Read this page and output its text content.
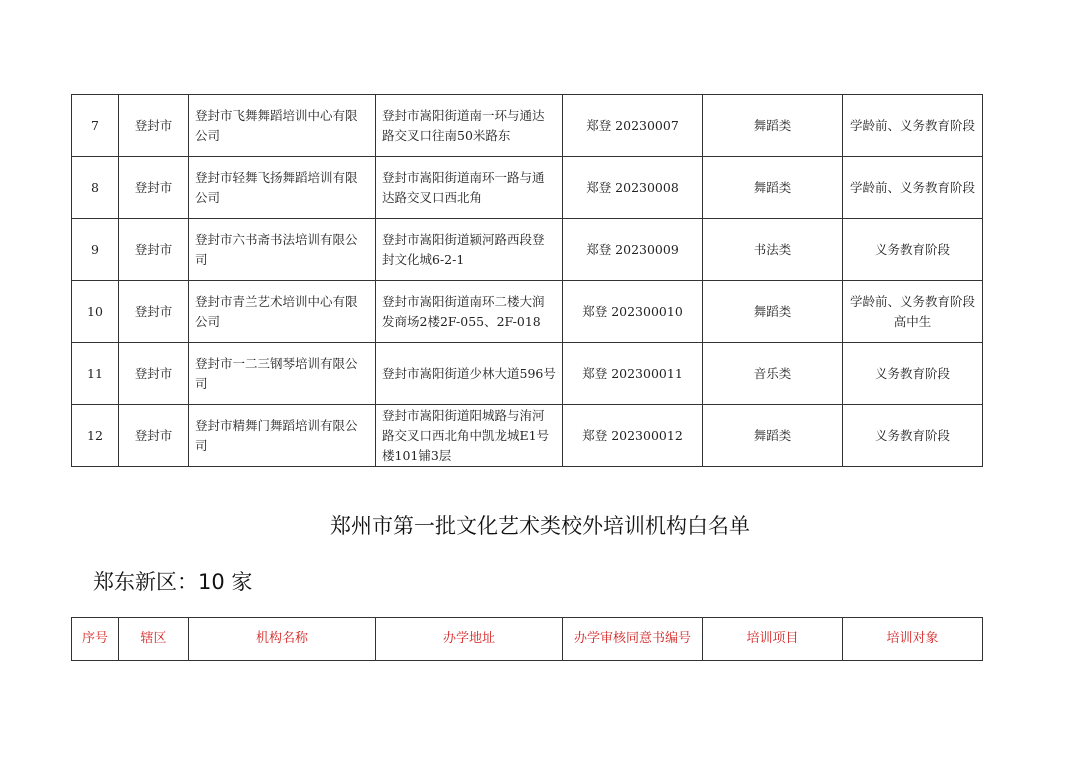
7	登封市	登封市飞舞舞蹈培训中心有限公司	登封市嵩阳街道南一环与通达路交叉口往南50米路东	郑登 20230007	舞蹈类	学龄前、义务教育阶段
8	登封市	登封市轻舞飞扬舞蹈培训有限公司	登封市嵩阳街道南环一路与通达路交叉口西北角	郑登 20230008	舞蹈类	学龄前、义务教育阶段
9	登封市	登封市六书斋书法培训有限公司	登封市嵩阳街道颍河路西段登封文化城6-2-1	郑登 20230009	书法类	义务教育阶段
10	登封市	登封市青兰艺术培训中心有限公司	登封市嵩阳街道南环二楼大润发商场2楼2F-055、2F-018	郑登 202300010	舞蹈类	学龄前、义务教育阶段　高中生
11	登封市	登封市一二三钢琴培训有限公司	登封市嵩阳街道少林大道596号	郑登 202300011	音乐类	义务教育阶段
12	登封市	登封市精舞门舞蹈培训有限公司	登封市嵩阳街道阳城路与洧河路交叉口西北角中凯龙城E1号楼101铺3层	郑登 202300012	舞蹈类	义务教育阶段
郑州市第一批文化艺术类校外培训机构白名单
郑东新区：10 家
序号	辖区	机构名称	办学地址	办学审核同意书编号	培训项目	培训对象
